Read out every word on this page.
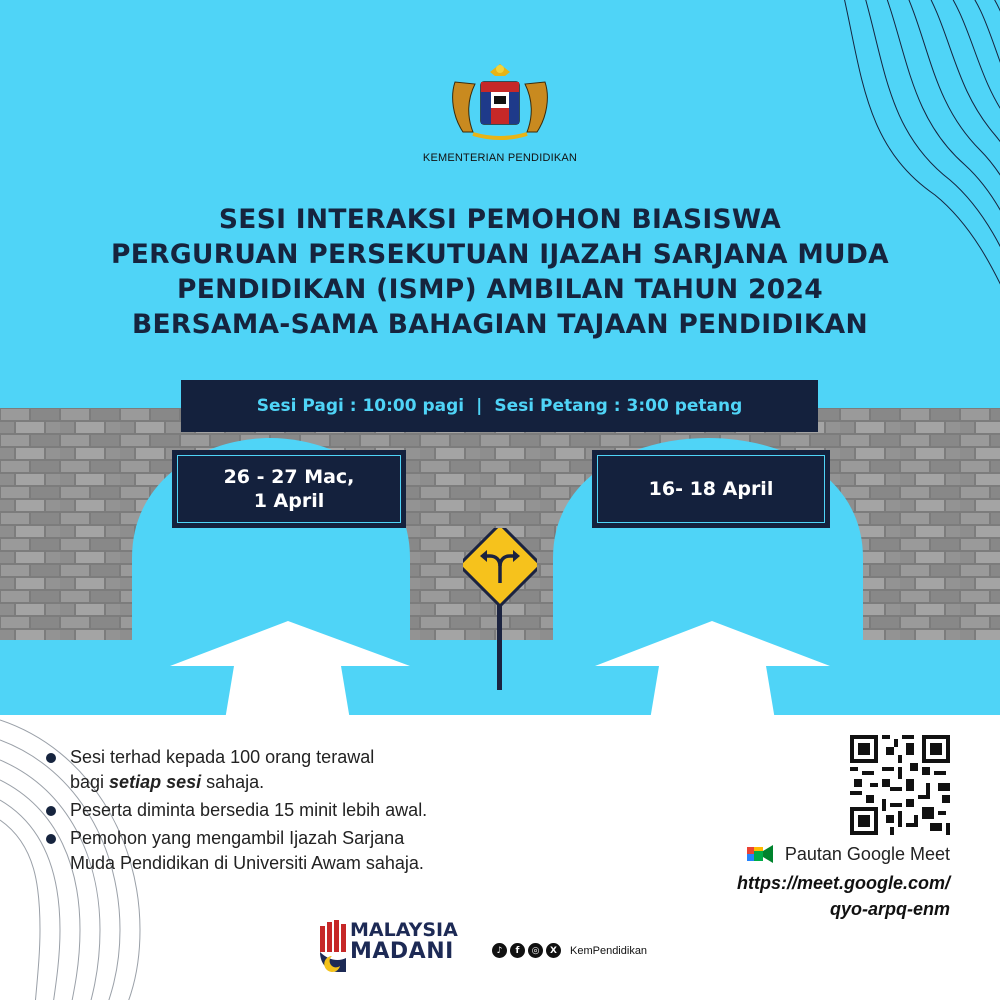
KEMENTERIAN PENDIDIKAN
SESI INTERAKSI PEMOHON BIASISWA
PERGURUAN PERSEKUTUAN IJAZAH SARJANA MUDA
PENDIDIKAN (ISMP) AMBILAN TAHUN 2024
BERSAMA-SAMA BAHAGIAN TAJAAN PENDIDIKAN
Sesi Pagi : 10:00 pagi | Sesi Petang : 3:00 petang
26 - 27 Mac,
1 April
16- 18 April
Sesi terhad kepada 100 orang terawal
bagi setiap sesi sahaja.
Peserta diminta bersedia 15 minit lebih awal.
Pemohon yang mengambil Ijazah Sarjana
Muda Pendidikan di Universiti Awam sahaja.	Pautan Google Meet
https://meet.google.com/
qyo-arpq-enm
MALAYSIA
MADANI	♪	f	◎	X	KemPendidikan
